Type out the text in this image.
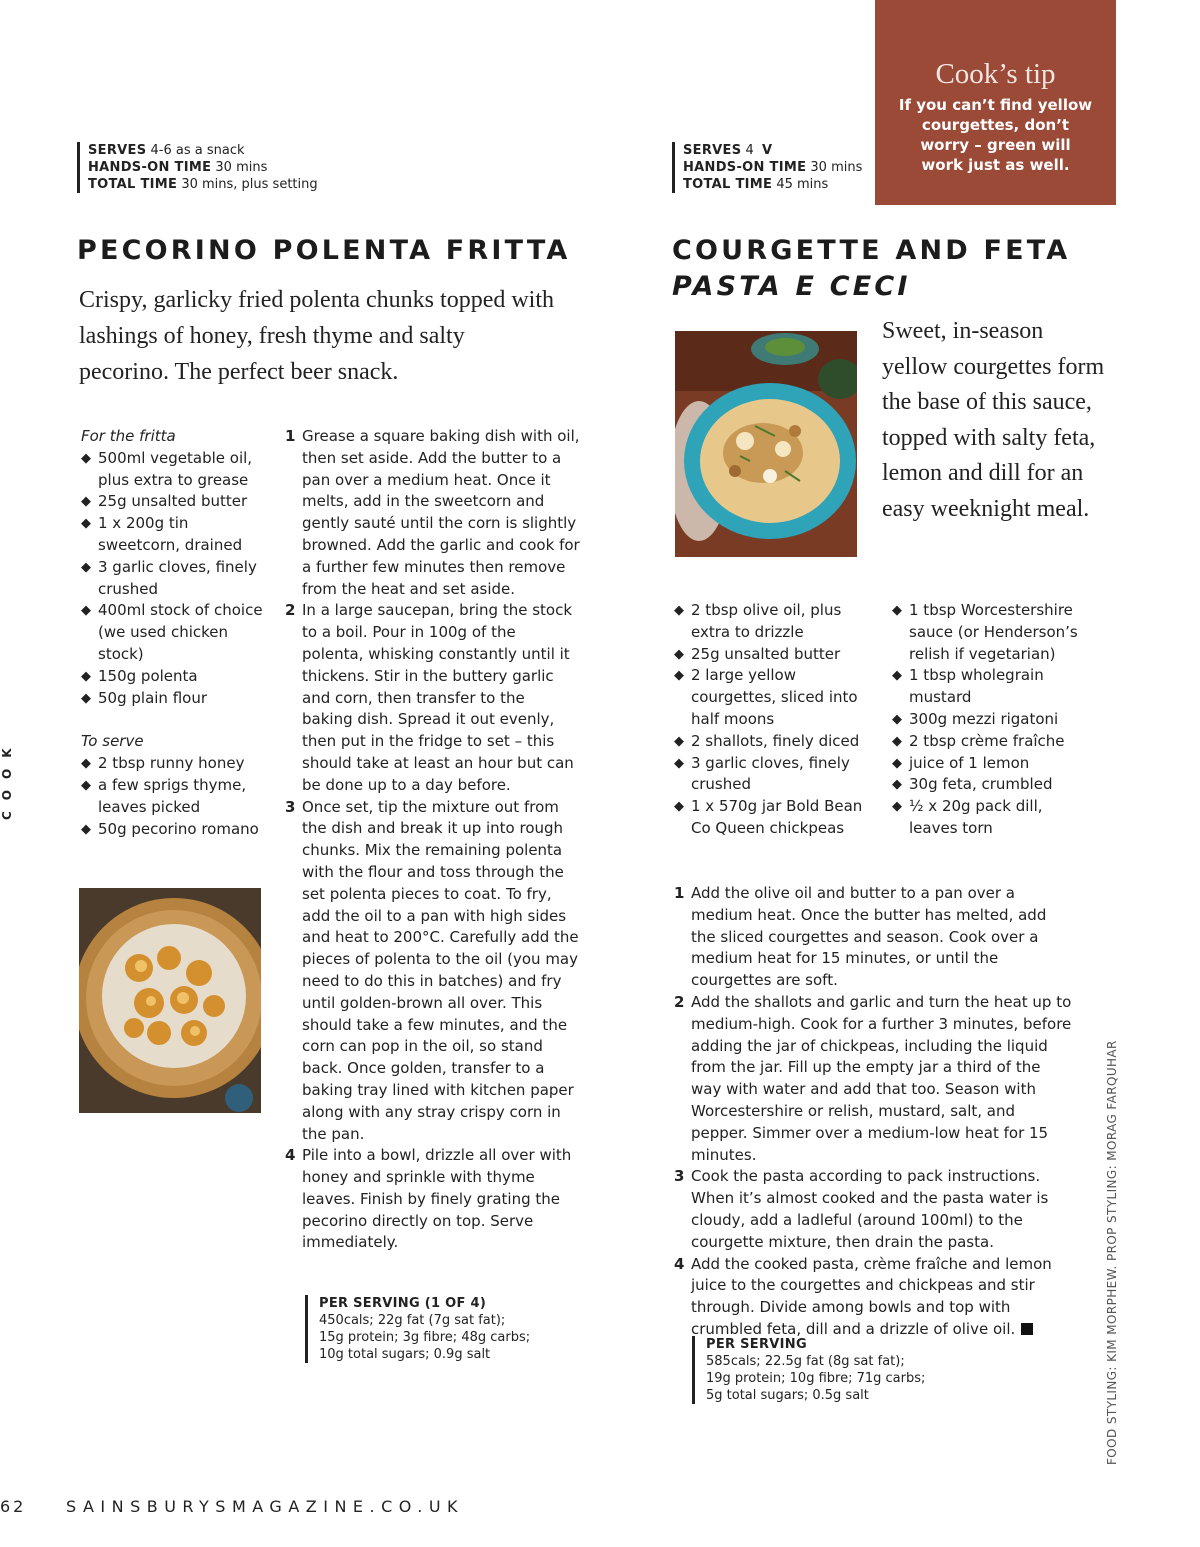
Cook’s tip
If you can’t find yellow courgettes, don’t worry – green will work just as well.
SERVES 4-6 as a snack
HANDS-ON TIME 30 mins
TOTAL TIME 30 mins, plus setting
SERVES 4 V
HANDS-ON TIME 30 mins
TOTAL TIME 45 mins
PECORINO POLENTA FRITTA
Crispy, garlicky fried polenta chunks topped with lashings of honey, fresh thyme and salty pecorino. The perfect beer snack.
COURGETTE AND FETA
PASTA E CECI
Sweet, in-season yellow courgettes form the base of this sauce, topped with salty feta, lemon and dill for an easy weeknight meal.
For the fritta
◆ 500ml vegetable oil, plus extra to grease
◆ 25g unsalted butter
◆ 1 x 200g tin sweetcorn, drained
◆ 3 garlic cloves, finely crushed
◆ 400ml stock of choice (we used chicken stock)
◆ 150g polenta
◆ 50g plain flour
To serve
◆ 2 tbsp runny honey
◆ a few sprigs thyme, leaves picked
◆ 50g pecorino romano
1 Grease a square baking dish with oil, then set aside. Add the butter to a pan over a medium heat. Once it melts, add in the sweetcorn and gently sauté until the corn is slightly browned. Add the garlic and cook for a further few minutes then remove from the heat and set aside.
2 In a large saucepan, bring the stock to a boil. Pour in 100g of the polenta, whisking constantly until it thickens. Stir in the buttery garlic and corn, then transfer to the baking dish. Spread it out evenly, then put in the fridge to set – this should take at least an hour but can be done up to a day before.
3 Once set, tip the mixture out from the dish and break it up into rough chunks. Mix the remaining polenta with the flour and toss through the set polenta pieces to coat. To fry, add the oil to a pan with high sides and heat to 200°C. Carefully add the pieces of polenta to the oil (you may need to do this in batches) and fry until golden-brown all over. This should take a few minutes, and the corn can pop in the oil, so stand back. Once golden, transfer to a baking tray lined with kitchen paper along with any stray crispy corn in the pan.
4 Pile into a bowl, drizzle all over with honey and sprinkle with thyme leaves. Finish by finely grating the pecorino directly on top. Serve immediately.
PER SERVING (1 OF 4)
450cals; 22g fat (7g sat fat);
15g protein; 3g fibre; 48g carbs;
10g total sugars; 0.9g salt
◆ 2 tbsp olive oil, plus extra to drizzle
◆ 25g unsalted butter
◆ 2 large yellow courgettes, sliced into half moons
◆ 2 shallots, finely diced
◆ 3 garlic cloves, finely crushed
◆ 1 x 570g jar Bold Bean Co Queen chickpeas
◆ 1 tbsp Worcestershire sauce (or Henderson’s relish if vegetarian)
◆ 1 tbsp wholegrain mustard
◆ 300g mezzi rigatoni
◆ 2 tbsp crème fraîche
◆ juice of 1 lemon
◆ 30g feta, crumbled
◆ ½ x 20g pack dill, leaves torn
1 Add the olive oil and butter to a pan over a medium heat. Once the butter has melted, add the sliced courgettes and season. Cook over a medium heat for 15 minutes, or until the courgettes are soft.
2 Add the shallots and garlic and turn the heat up to medium-high. Cook for a further 3 minutes, before adding the jar of chickpeas, including the liquid from the jar. Fill up the empty jar a third of the way with water and add that too. Season with Worcestershire or relish, mustard, salt, and pepper. Simmer over a medium-low heat for 15 minutes.
3 Cook the pasta according to pack instructions. When it’s almost cooked and the pasta water is cloudy, add a ladleful (around 100ml) to the courgette mixture, then drain the pasta.
4 Add the cooked pasta, crème fraîche and lemon juice to the courgettes and chickpeas and stir through. Divide among bowls and top with crumbled feta, dill and a drizzle of olive oil.
PER SERVING
585cals; 22.5g fat (8g sat fat);
19g protein; 10g fibre; 71g carbs;
5g total sugars; 0.5g salt
COOK
FOOD STYLING: KIM MORPHEW. PROP STYLING: MORAG FARQUHAR
62 SAINSBURYSMAGAZINE.CO.UK
